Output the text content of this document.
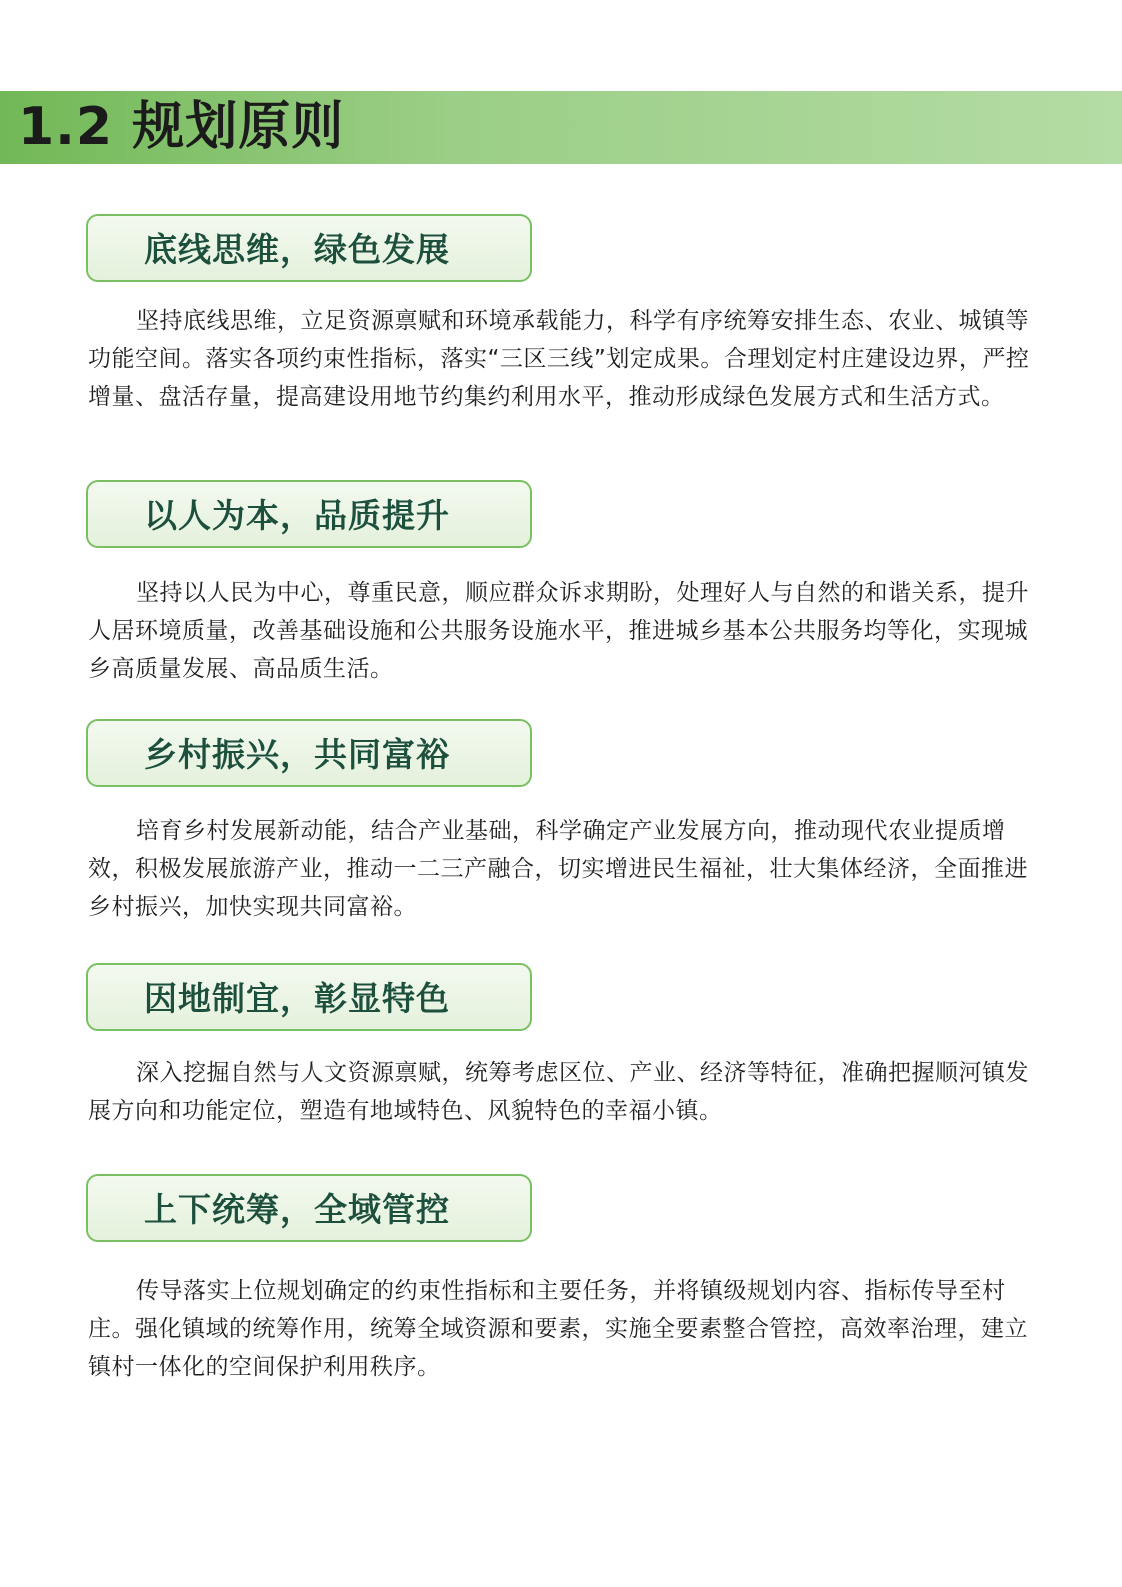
1.2 规划原则
底线思维，绿色发展

坚持底线思维，立足资源禀赋和环境承载能力，科学有序统筹安排生态、农业、城镇等功能空间。落实各项约束性指标，落实“三区三线”划定成果。合理划定村庄建设边界，严控增量、盘活存量，提高建设用地节约集约利用水平，推动形成绿色发展方式和生活方式。

以人为本，品质提升

坚持以人民为中心，尊重民意，顺应群众诉求期盼，处理好人与自然的和谐关系，提升人居环境质量，改善基础设施和公共服务设施水平，推进城乡基本公共服务均等化，实现城乡高质量发展、高品质生活。

乡村振兴，共同富裕

培育乡村发展新动能，结合产业基础，科学确定产业发展方向，推动现代农业提质增效，积极发展旅游产业，推动一二三产融合，切实增进民生福祉，壮大集体经济，全面推进乡村振兴，加快实现共同富裕。

因地制宜，彰显特色

深入挖掘自然与人文资源禀赋，统筹考虑区位、产业、经济等特征，准确把握顺河镇发展方向和功能定位，塑造有地域特色、风貌特色的幸福小镇。

上下统筹，全域管控

传导落实上位规划确定的约束性指标和主要任务，并将镇级规划内容、指标传导至村庄。强化镇域的统筹作用，统筹全域资源和要素，实施全要素整合管控，高效率治理，建立镇村一体化的空间保护利用秩序。
